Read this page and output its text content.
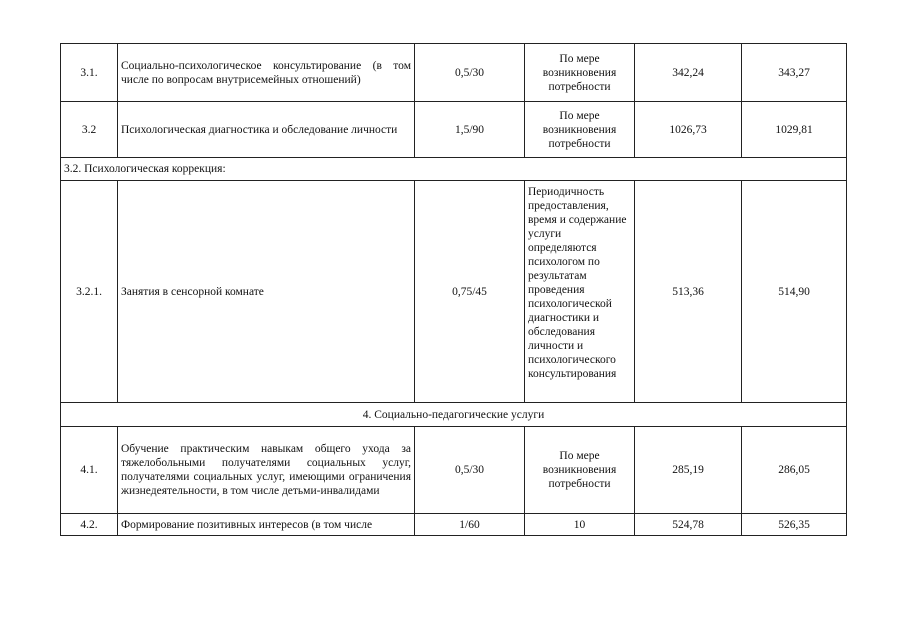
3.1.	Социально-психологическое консультирование (в том числе по вопросам внутрисемейных отношений)	0,5/30	По мере возникновения потребности	342,24	343,27
3.2	Психологическая диагностика и обследование личности	1,5/90	По мере возникновения потребности	1026,73	1029,81
3.2. Психологическая коррекция:					
3.2.1.	Занятия в сенсорной комнате	0,75/45	Периодичность предоставления, время и содержание услуги определяются психологом по результатам проведения психологической диагностики и обследования личности и психологического консультирования	513,36	514,90
4. Социально-педагогические услуги					
4.1.	Обучение практическим навыкам общего ухода за тяжелобольными получателями социальных услуг, получателями социальных услуг, имеющими ограничения жизнедеятельности, в том числе детьми-инвалидами	0,5/30	По мере возникновения потребности	285,19	286,05
4.2.	Формирование позитивных интересов (в том числе	1/60	10	524,78	526,35
